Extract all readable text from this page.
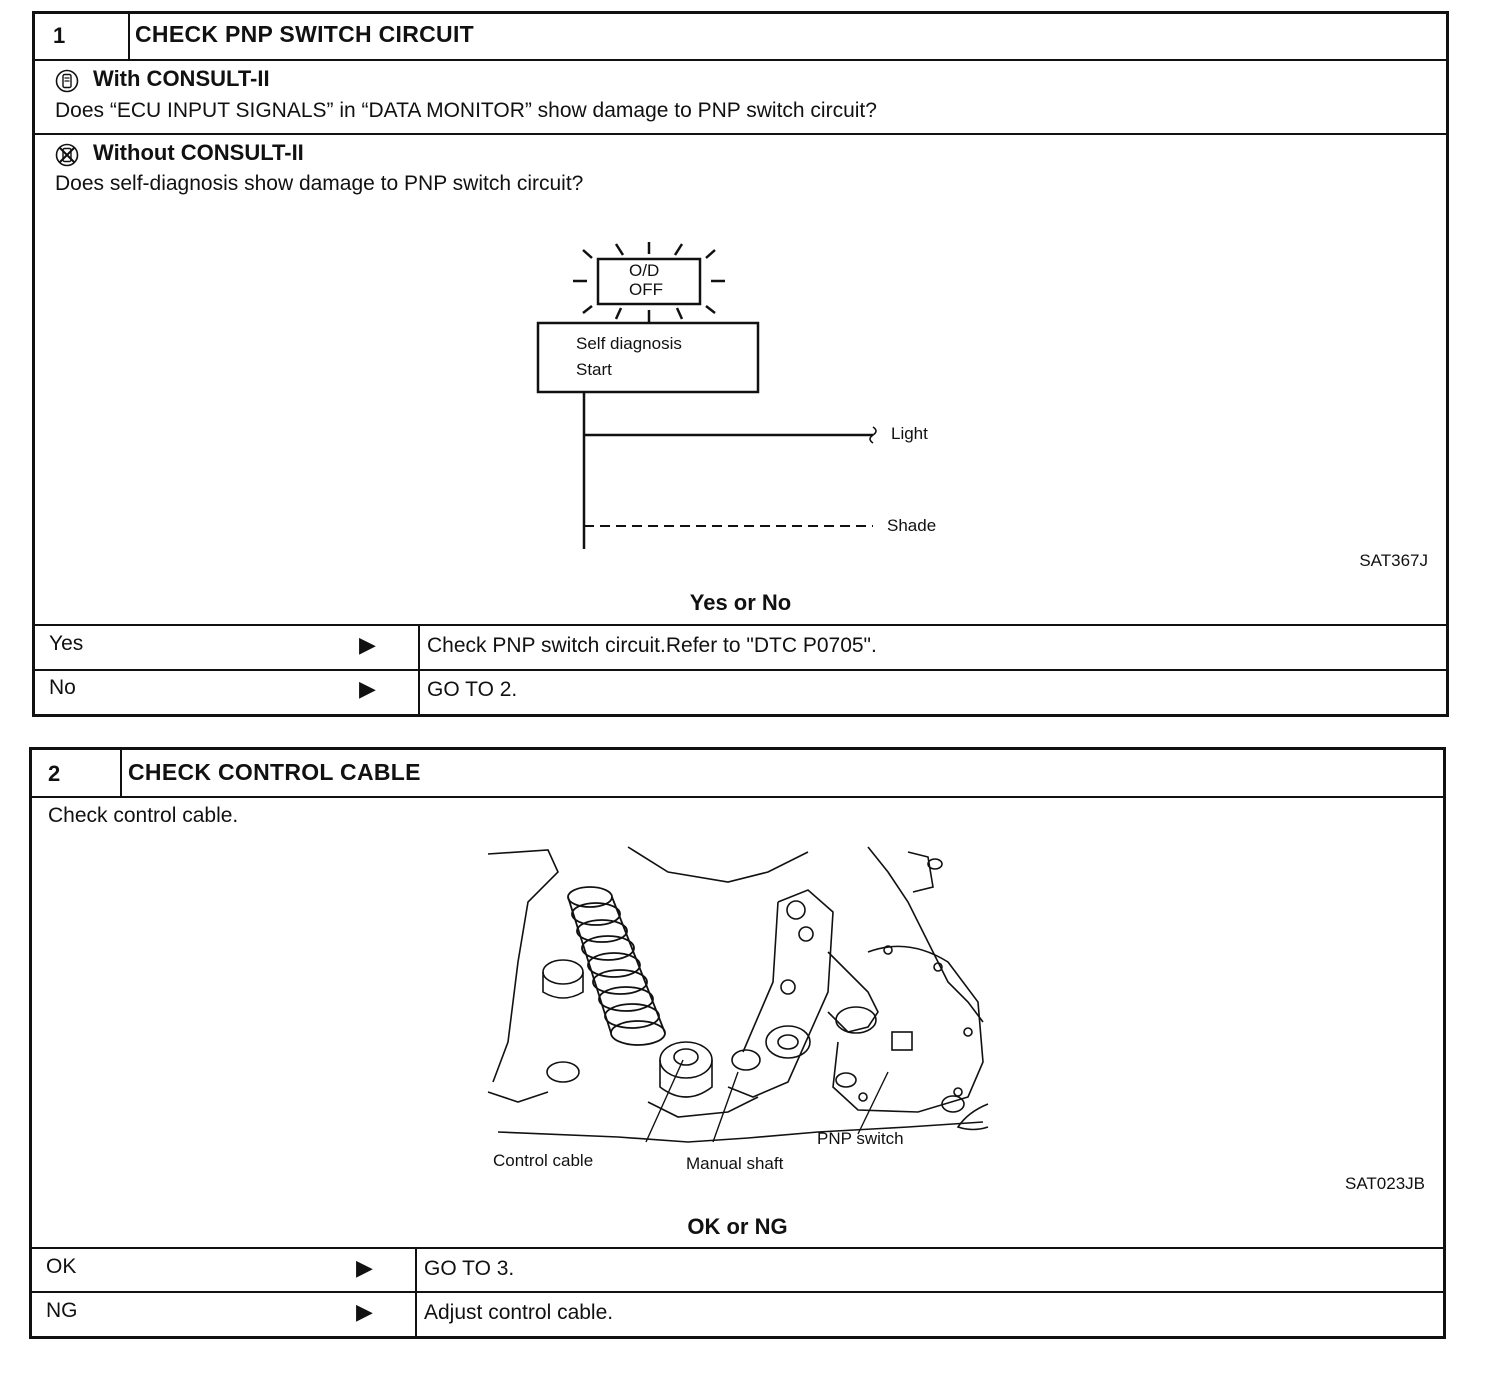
1	CHECK PNP SWITCH CIRCUIT
With CONSULT-II
Does “ECU INPUT SIGNALS” in “DATA MONITOR” show damage to PNP switch circuit?
Without CONSULT-II
Does self-diagnosis show damage to PNP switch circuit?
O/D
OFF
Self diagnosis
Start
Light
Shade
SAT367J
Yes or No
Yes	▶ Check PNP switch circuit.Refer to "DTC P0705".
No	▶ GO TO 2.
2	CHECK CONTROL CABLE
Check control cable.
Control cable	Manual shaft
PNP switch
SAT023JB
OK or NG
OK	▶ GO TO 3.
NG	▶ Adjust control cable.
